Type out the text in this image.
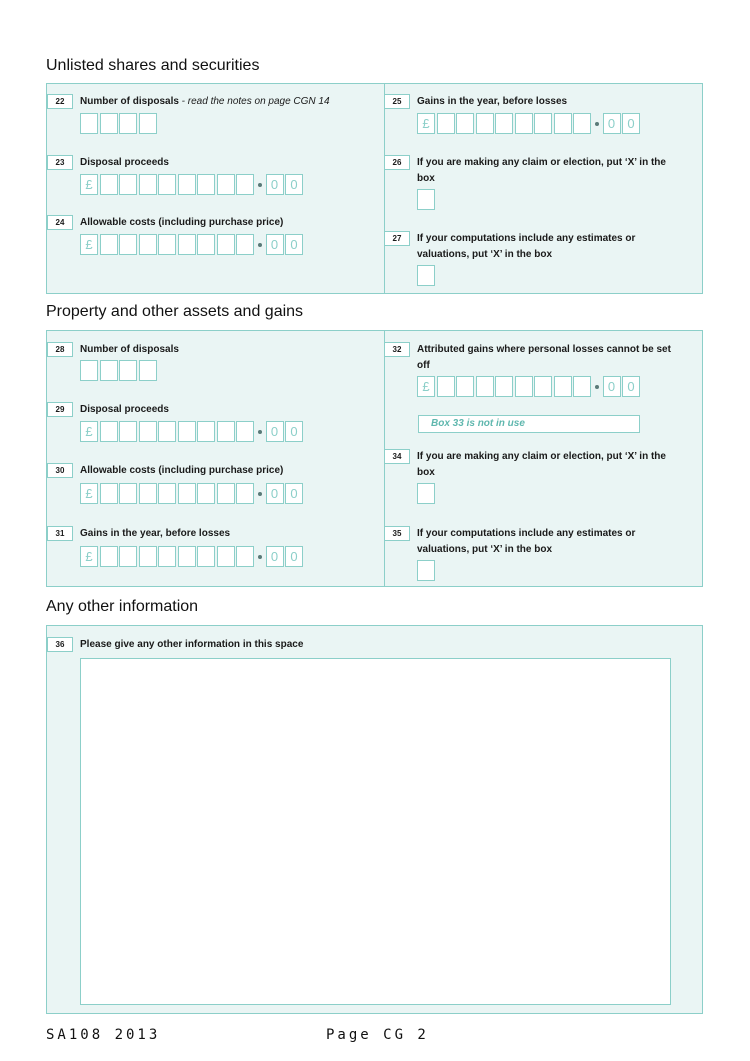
Unlisted shares and securities
22	Number of disposals - read the notes on page CGN 14
23	Disposal proceeds
£	0 0
24	Allowable costs (including purchase price)
£	0 0
25	Gains in the year, before losses
£	0 0
26	If you are making any claim or election, put ‘X’ in the box
27	If your computations include any estimates or valuations, put ‘X’ in the box
Property and other assets and gains
28	Number of disposals
29	Disposal proceeds
£	0 0
30	Allowable costs (including purchase price)
£	0 0
31	Gains in the year, before losses
£	0 0
32	Attributed gains where personal losses cannot be set off
£	0 0
Box 33 is not in use
34	If you are making any claim or election, put ‘X’ in the box
35	If your computations include any estimates or valuations, put ‘X’ in the box
Any other information
36	Please give any other information in this space
SA108 2013	Page CG 2
